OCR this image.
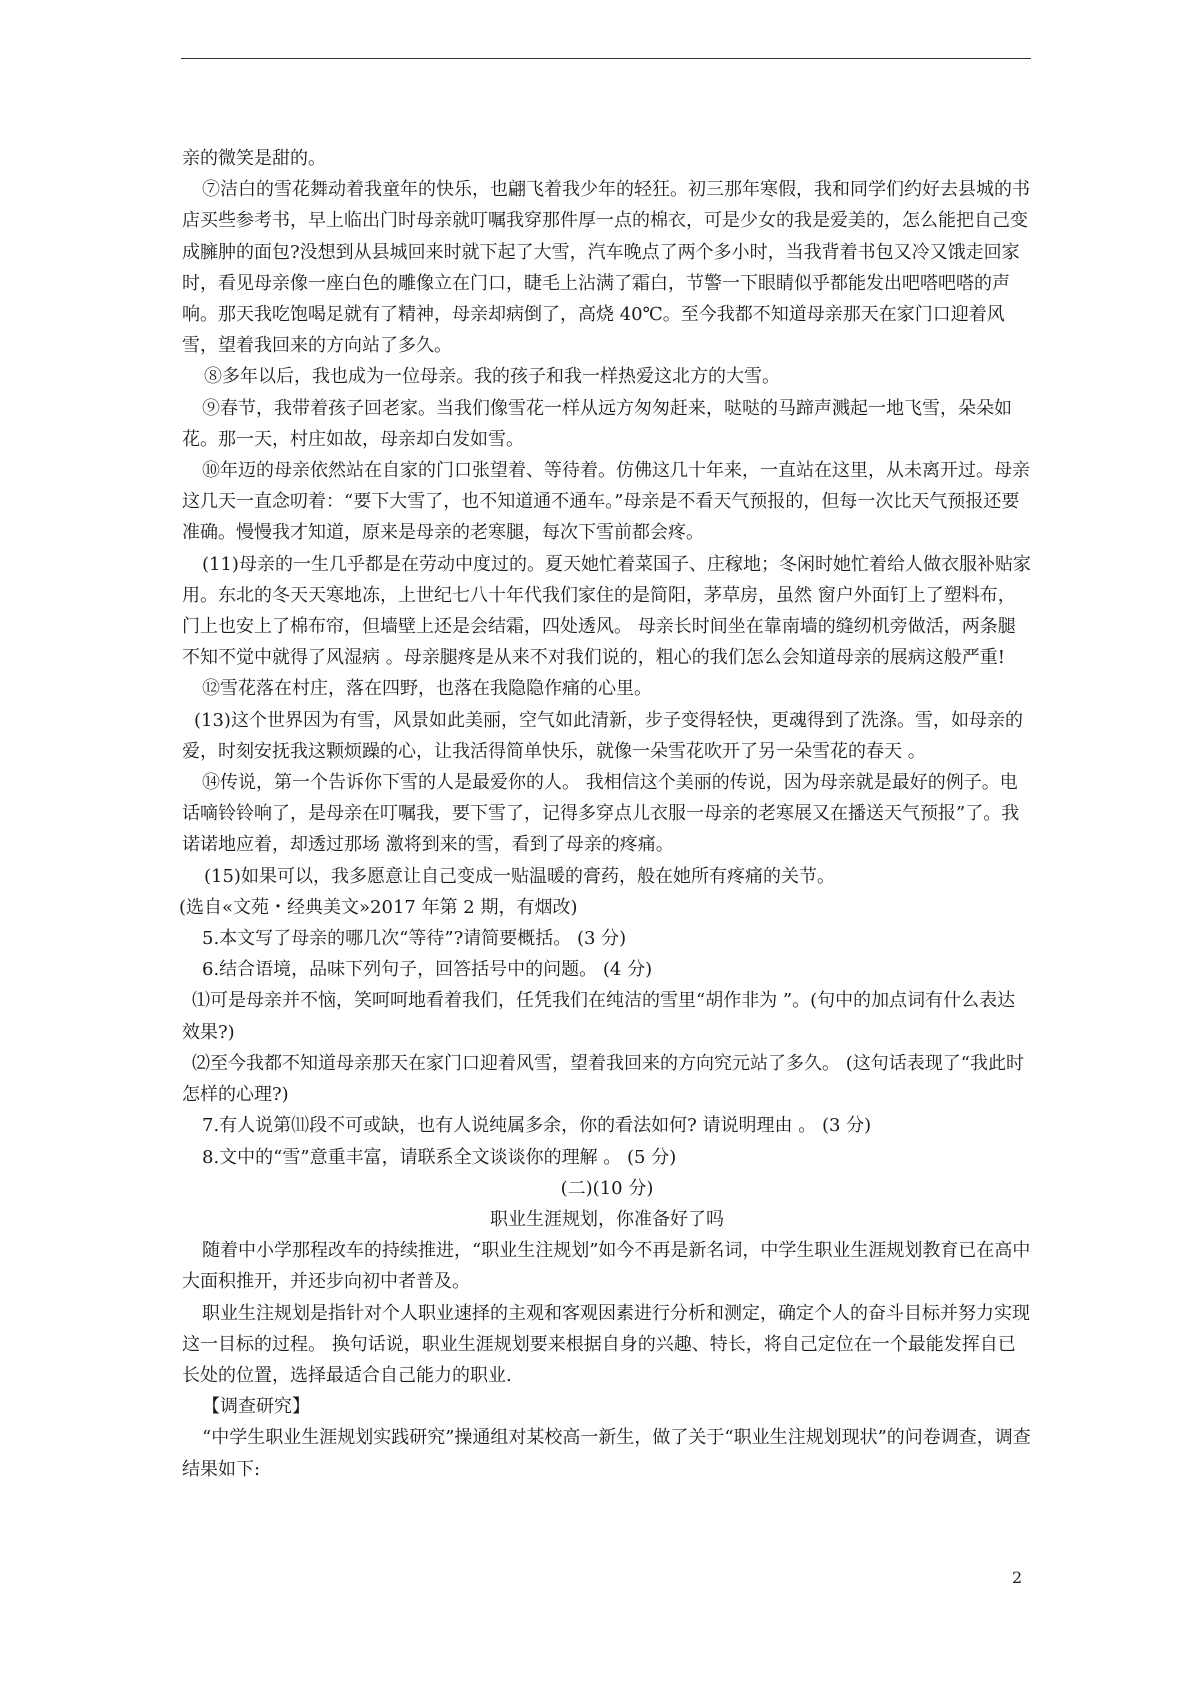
亲的微笑是甜的。

⑦洁白的雪花舞动着我童年的快乐，也翩飞着我少年的轻狂。初三那年寒假，我和同学们约好去县城的书店买些参考书，早上临出门时母亲就叮嘱我穿那件厚一点的棉衣，可是少女的我是爱美的，怎么能把自己变成臃肿的面包?没想到从县城回来时就下起了大雪，汽车晚点了两个多小时，当我背着书包又冷又饿走回家时，看见母亲像一座白色的雕像立在门口，睫毛上沾满了霜白，节警一下眼睛似乎都能发出吧嗒吧嗒的声响。那天我吃饱喝足就有了精神，母亲却病倒了，高烧 40℃。至今我都不知道母亲那天在家门口迎着风雪，望着我回来的方向站了多久。

⑧多年以后，我也成为一位母亲。我的孩子和我一样热爱这北方的大雪。

⑨春节，我带着孩子回老家。当我们像雪花一样从远方匆匆赶来，哒哒的马蹄声溅起一地飞雪，朵朵如花。那一天，村庄如故，母亲却白发如雪。

⑩年迈的母亲依然站在自家的门口张望着、等待着。仿佛这几十年来，一直站在这里，从未离开过。母亲这几天一直念叨着：“要下大雪了，也不知道通不通车。”母亲是不看天气预报的，但每一次比天气预报还要准确。慢慢我才知道，原来是母亲的老寒腿，每次下雪前都会疼。

(11)母亲的一生几乎都是在劳动中度过的。夏天她忙着菜国子、庄稼地；冬闲时她忙着给人做衣服补贴家用。东北的冬天天寒地冻，上世纪七八十年代我们家住的是简阳，茅草房，虽然 窗户外面钉上了塑料布，门上也安上了棉布帘，但墙壁上还是会结霜，四处透风。 母亲长时间坐在靠南墙的缝纫机旁做活，两条腿不知不觉中就得了风湿病 。母亲腿疼是从来不对我们说的，粗心的我们怎么会知道母亲的展病这般严重!

⑫雪花落在村庄，落在四野，也落在我隐隐作痛的心里。

(13)这个世界因为有雪，风景如此美丽，空气如此清新，步子变得轻快，更魂得到了洗涤。雪，如母亲的爱，时刻安抚我这颗烦躁的心，让我活得简单快乐，就像一朵雪花吹开了另一朵雪花的春天 。

⑭传说，第一个告诉你下雪的人是最爱你的人。 我相信这个美丽的传说，因为母亲就是最好的例子。电话嘀铃铃响了，是母亲在叮嘱我，要下雪了，记得多穿点儿衣服一母亲的老寒展又在播送天气预报”了。我诺诺地应着，却透过那场 激将到来的雪，看到了母亲的疼痛。

(15)如果可以，我多愿意让自己变成一贴温暖的膏药，般在她所有疼痛的关节。

(选自«文苑・经典美文»2017 年第 2 期，有烟改)

5.本文写了母亲的哪几次“等待”?请简要概括。 (3 分)

6.结合语境，品味下列句子，回答括号中的问题。 (4 分)

⑴可是母亲并不恼，笑呵呵地看着我们，任凭我们在纯洁的雪里“胡作非为 ”。(句中的加点词有什么表达效果?)

⑵至今我都不知道母亲那天在家门口迎着风雪，望着我回来的方向究元站了多久。 (这句话表现了“我此时怎样的心理?)

7.有人说第⑾段不可或缺，也有人说纯属多余，你的看法如何? 请说明理由 。 (3 分)

8.文中的“雪”意重丰富，请联系全文谈谈你的理解 。 (5 分)

(二)(10 分)

职业生涯规划，你准备好了吗

随着中小学那程改车的持续推进，“职业生注规划”如今不再是新名词，中学生职业生涯规划教育已在高中大面积推开，并还步向初中者普及。

职业生注规划是指针对个人职业速择的主观和客观因素进行分析和测定，确定个人的奋斗目标并努力实现这一目标的过程。 换句话说，职业生涯规划要来根据自身的兴趣、特长，将自己定位在一个最能发挥自已长处的位置，选择最适合自己能力的职业.

【调查研究】

“中学生职业生涯规划实践研究”操通组对某校高一新生，做了关于“职业生注规划现状”的问卷调查，调查结果如下:

2
